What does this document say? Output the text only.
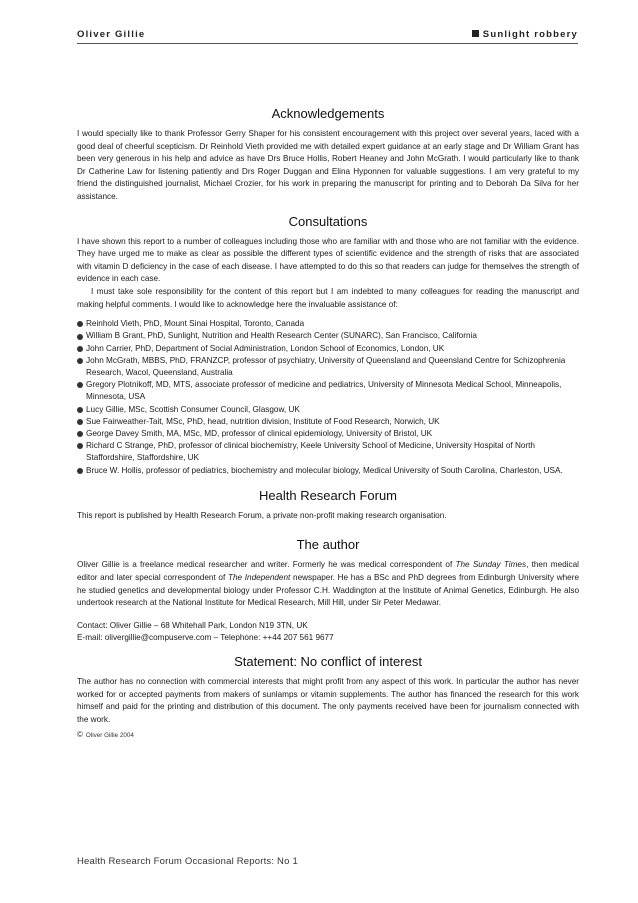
Oliver Gillie	Sunlight robbery
Acknowledgements

I would specially like to thank Professor Gerry Shaper for his consistent encouragement with this project over several years, laced with a good deal of cheerful scepticism. Dr Reinhold Vieth provided me with detailed expert guidance at an early stage and Dr William Grant has been very generous in his help and advice as have Drs Bruce Hollis, Robert Heaney and John McGrath. I would particularly like to thank Dr Catherine Law for listening patiently and Drs Roger Duggan and Elina Hyponnen for valuable suggestions. I am very grateful to my friend the distinguished journalist, Michael Crozier, for his work in preparing the manuscript for printing and to Deborah Da Silva for her assistance.

Consultations

I have shown this report to a number of colleagues including those who are familiar with and those who are not familiar with the evidence. They have urged me to make as clear as possible the different types of scientific evidence and the strength of risks that are associated with vitamin D deficiency in the case of each disease. I have attempted to do this so that readers can judge for themselves the strength of evidence in each case.

I must take sole responsibility for the content of this report but I am indebted to many colleagues for reading the manuscript and making helpful comments. I would like to acknowledge here the invaluable assistance of:

Reinhold Vieth, PhD, Mount Sinai Hospital, Toronto, Canada
William B Grant, PhD, Sunlight, Nutrition and Health Research Center (SUNARC), San Francisco, California
John Carrier, PhD, Department of Social Administration, London School of Economics, London, UK
John McGrath, MBBS, PhD, FRANZCP, professor of psychiatry, University of Queensland and Queensland Centre for Schizophrenia Research, Wacol, Queensland, Australia
Gregory Plotnikoff, MD, MTS, associate professor of medicine and pediatrics, University of Minnesota Medical School, Minneapolis, Minnesota, USA
Lucy Gillie, MSc, Scottish Consumer Council, Glasgow, UK
Sue Fairweather-Tait, MSc, PhD, head, nutrition division, Institute of Food Research, Norwich, UK
George Davey Smith, MA, MSc, MD, professor of clinical epidemiology, University of Bristol, UK
Richard C Strange, PhD, professor of clinical biochemistry, Keele University School of Medicine, University Hospital of North Staffordshire, Staffordshire, UK
Bruce W. Hollis, professor of pediatrics, biochemistry and molecular biology, Medical University of South Carolina, Charleston, USA.
Health Research Forum

This report is published by Health Research Forum, a private non-profit making research organisation.

The author

Oliver Gillie is a freelance medical researcher and writer. Formerly he was medical correspondent of The Sunday Times, then medical editor and later special correspondent of The Independent newspaper. He has a BSc and PhD degrees from Edinburgh University where he studied genetics and developmental biology under Professor C.H. Waddington at the Institute of Animal Genetics, Edinburgh. He also undertook research at the National Institute for Medical Research, Mill Hill, under Sir Peter Medawar.

Contact: Oliver Gillie – 68 Whitehall Park, London N19 3TN, UK

E-mail: olivergillie@compuserve.com – Telephone: ++44 207 561 9677

Statement: No conflict of interest

The author has no connection with commercial interests that might profit from any aspect of this work. In particular the author has never worked for or accepted payments from makers of sunlamps or vitamin supplements. The author has financed the research for this work himself and paid for the printing and distribution of this document. The only payments received have been for journalism connected with the work.

© Oliver Gillie 2004
Health Research Forum Occasional Reports: No 1
